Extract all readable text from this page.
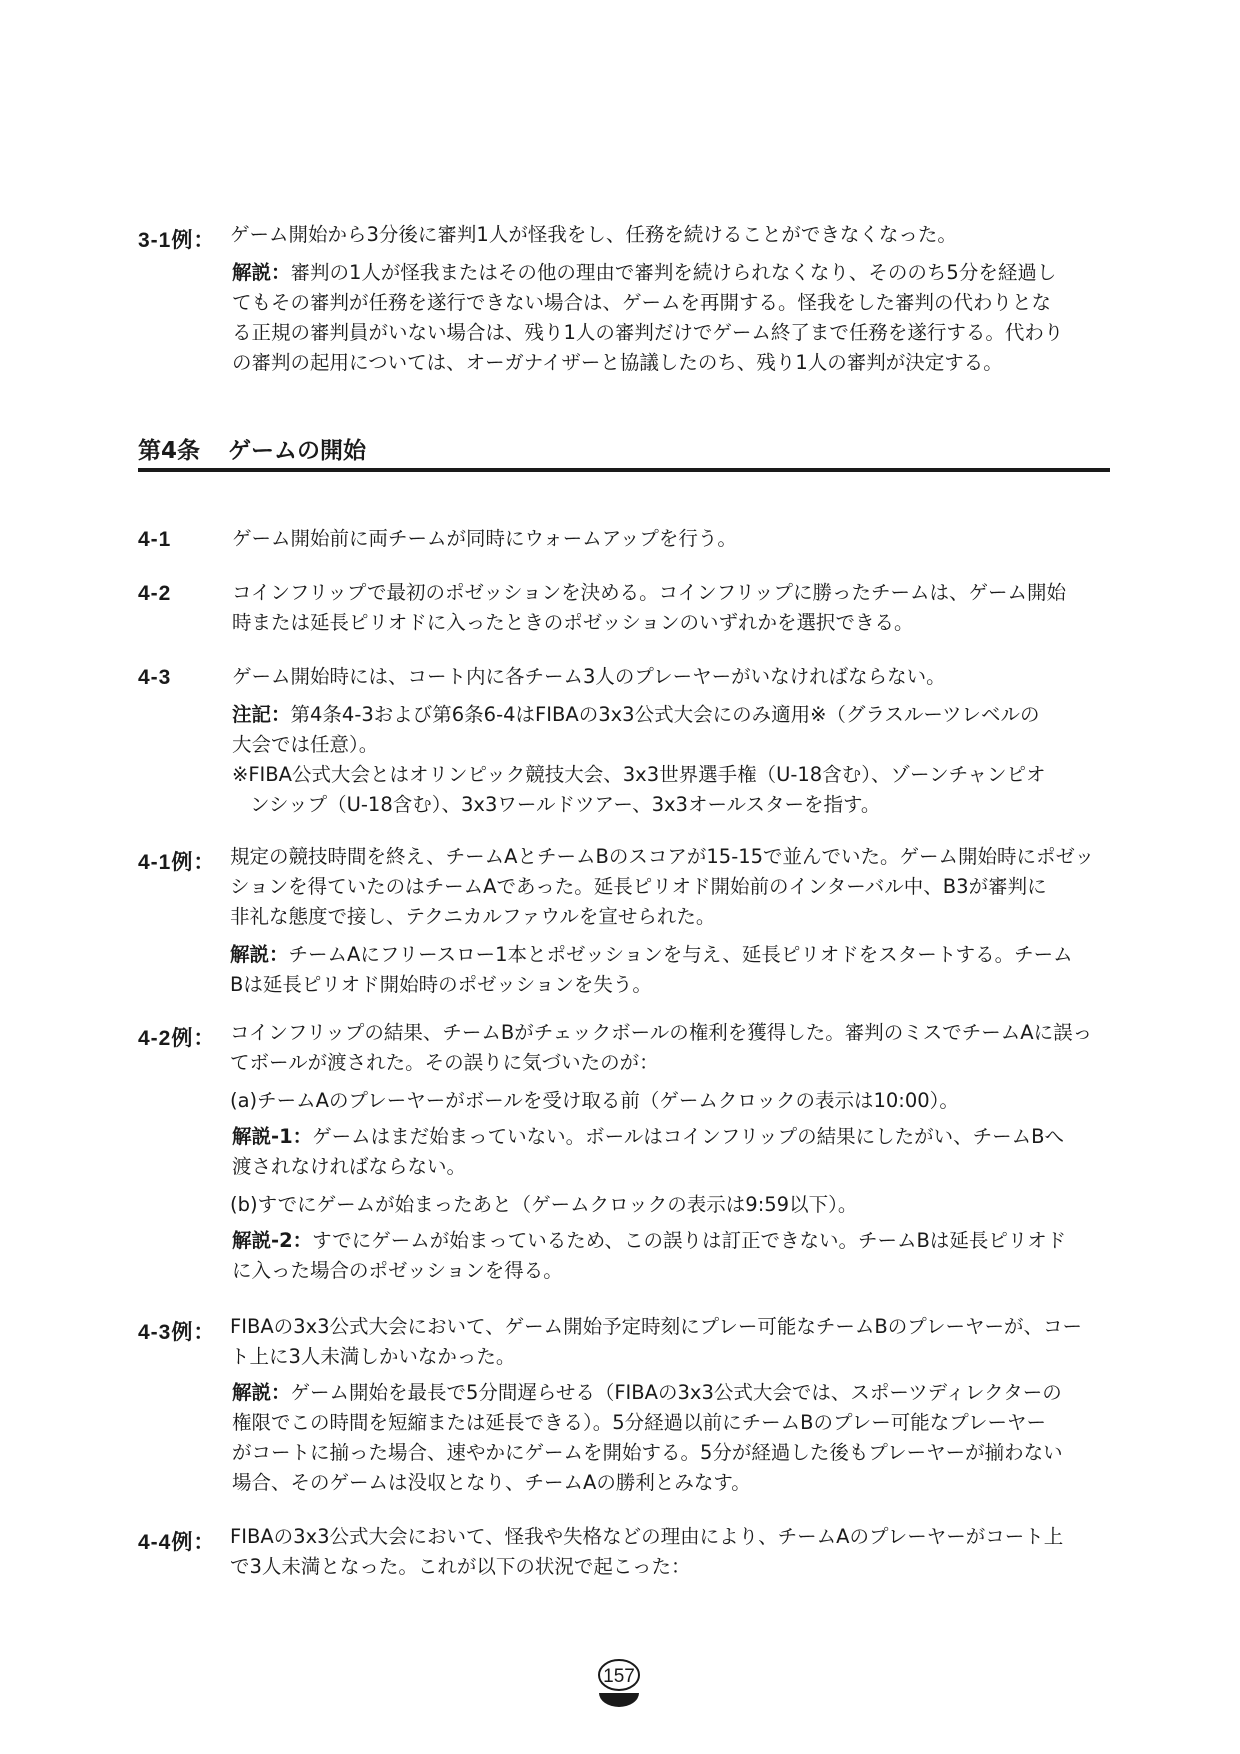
3-1例： ゲーム開始から3分後に審判1人が怪我をし、任務を続けることができなくなった。
解説：審判の1人が怪我またはその他の理由で審判を続けられなくなり、そののち5分を経過し
てもその審判が任務を遂行できない場合は、ゲームを再開する。怪我をした審判の代わりとな
る正規の審判員がいない場合は、残り1人の審判だけでゲーム終了まで任務を遂行する。代わり
の審判の起用については、オーガナイザーと協議したのち、残り1人の審判が決定する。
第4条 ゲームの開始
4-1	ゲーム開始前に両チームが同時にウォームアップを行う。
4-2	コインフリップで最初のポゼッションを決める。コインフリップに勝ったチームは、ゲーム開始
時または延長ピリオドに入ったときのポゼッションのいずれかを選択できる。
4-3	ゲーム開始時には、コート内に各チーム3人のプレーヤーがいなければならない。
注記：第4条4-3および第6条6-4はFIBAの3x3公式大会にのみ適用※（グラスルーツレベルの
大会では任意）。
※FIBA公式大会とはオリンピック競技大会、3x3世界選手権（U-18含む）、ゾーンチャンピオ
ンシップ（U-18含む）、3x3ワールドツアー、3x3オールスターを指す。
4-1例： 規定の競技時間を終え、チームAとチームBのスコアが15-15で並んでいた。ゲーム開始時にポゼッ
ションを得ていたのはチームAであった。延長ピリオド開始前のインターバル中、B3が審判に
非礼な態度で接し、テクニカルファウルを宣せられた。
解説：チームAにフリースロー1本とポゼッションを与え、延長ピリオドをスタートする。チーム
Bは延長ピリオド開始時のポゼッションを失う。
4-2例： コインフリップの結果、チームBがチェックボールの権利を獲得した。審判のミスでチームAに誤っ
てボールが渡された。その誤りに気づいたのが：
(a)チームAのプレーヤーがボールを受け取る前（ゲームクロックの表示は10:00）。
解説-1：ゲームはまだ始まっていない。ボールはコインフリップの結果にしたがい、チームBへ
渡されなければならない。
(b)すでにゲームが始まったあと（ゲームクロックの表示は9:59以下）。
解説-2：すでにゲームが始まっているため、この誤りは訂正できない。チームBは延長ピリオド
に入った場合のポゼッションを得る。
4-3例： FIBAの3x3公式大会において、ゲーム開始予定時刻にプレー可能なチームBのプレーヤーが、コー
ト上に3人未満しかいなかった。
解説：ゲーム開始を最長で5分間遅らせる（FIBAの3x3公式大会では、スポーツディレクターの
権限でこの時間を短縮または延長できる）。5分経過以前にチームBのプレー可能なプレーヤー
がコートに揃った場合、速やかにゲームを開始する。5分が経過した後もプレーヤーが揃わない
場合、そのゲームは没収となり、チームAの勝利とみなす。
4-4例： FIBAの3x3公式大会において、怪我や失格などの理由により、チームAのプレーヤーがコート上
で3人未満となった。これが以下の状況で起こった：
157
